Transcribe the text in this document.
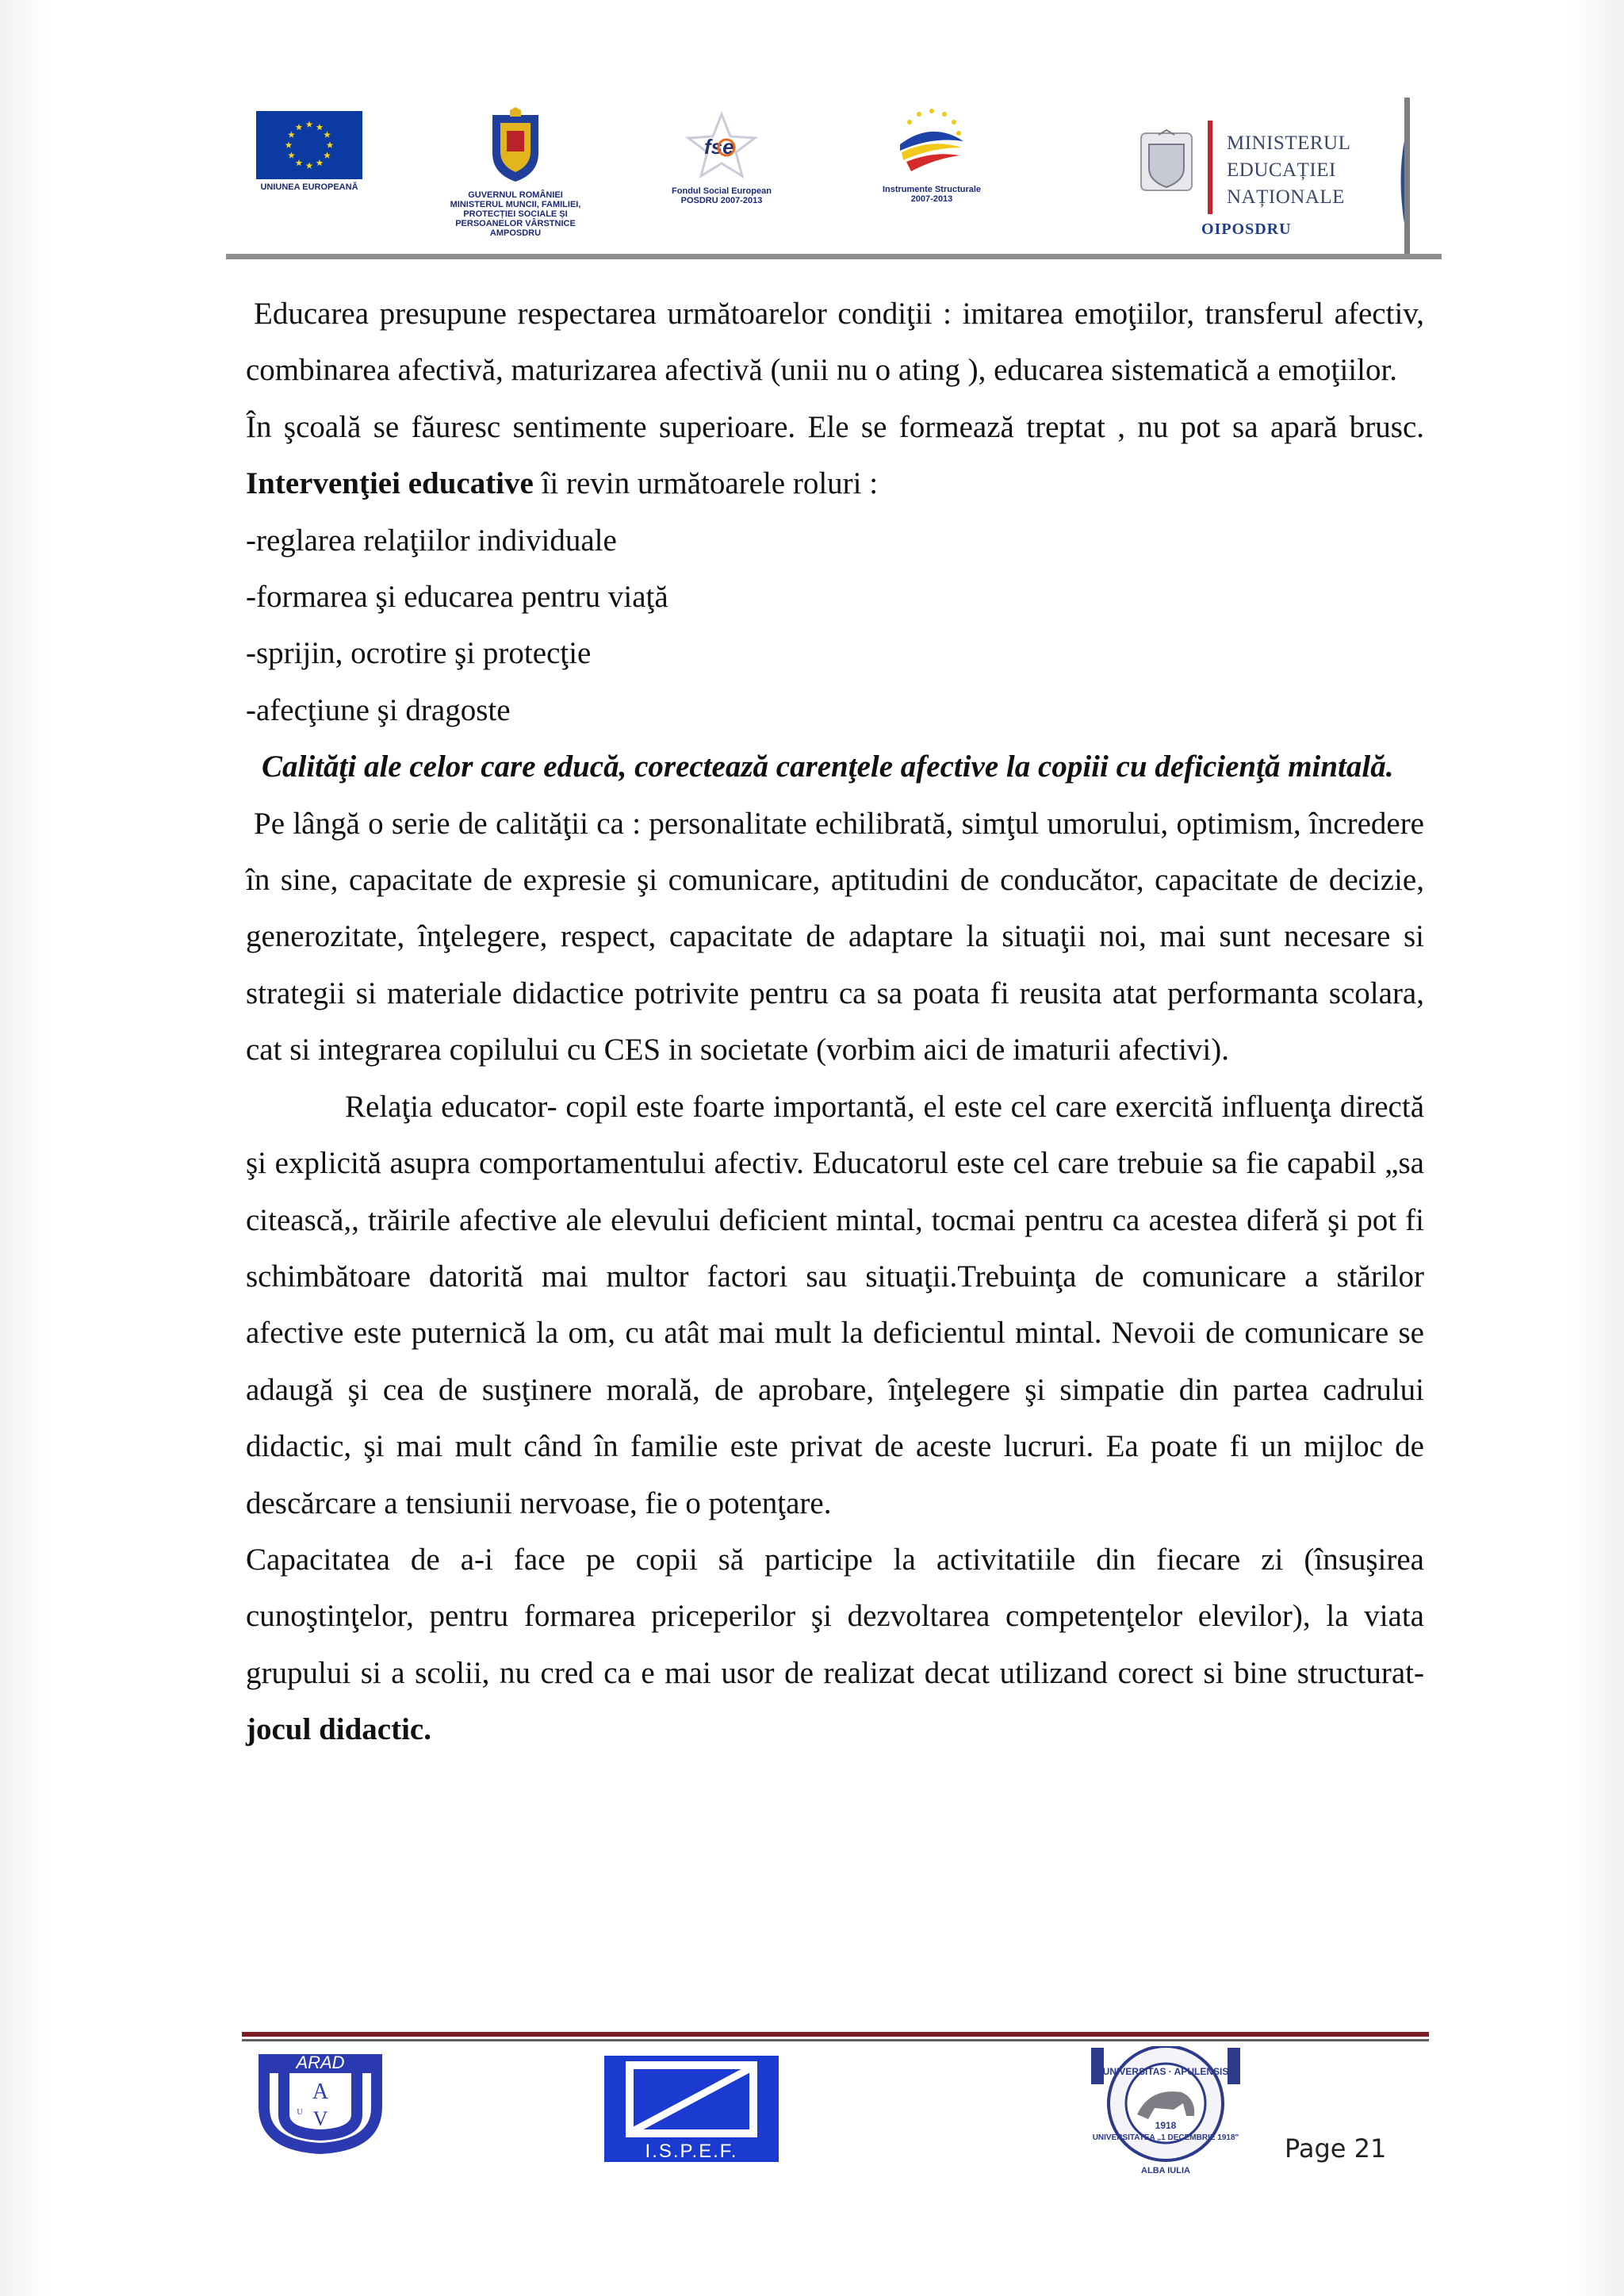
UNIUNEA EUROPEANĂ
GUVERNUL ROMÂNIEI
MINISTERUL MUNCII, FAMILIEI,
PROTECȚIEI SOCIALE ȘI
PERSOANELOR VÂRSTNICE
AMPOSDRU
fse
Fondul Social European
POSDRU 2007-2013
Instrumente Structurale
2007-2013
MINISTERUL
EDUCAȚIEI
NAȚIONALE
OIPOSDRU

Educarea presupune respectarea următoarelor condiţii : imitarea emoţiilor, transferul afectiv, combinarea afectivă, maturizarea afectivă (unii nu o ating ), educarea sistematică a emoţiilor.

În şcoală se făuresc sentimente superioare. Ele se formează treptat , nu pot sa apară brusc. Intervenţiei educative îi revin următoarele roluri :

-reglarea relaţiilor individuale

-formarea şi educarea pentru viaţă

-sprijin, ocrotire şi protecţie

-afecţiune şi dragoste

Calităţi ale celor care educă, corectează carenţele afective la copiii cu deficienţă mintală.

Pe lângă o serie de calităţii ca : personalitate echilibrată, simţul umorului, optimism, încredere în sine, capacitate de expresie şi comunicare, aptitudini de conducător, capacitate de decizie, generozitate, înţelegere, respect, capacitate de adaptare la situaţii noi, mai sunt necesare si strategii si materiale didactice potrivite pentru ca sa poata fi reusita atat performanta scolara, cat si integrarea copilului cu CES in societate (vorbim aici de imaturii afectivi).

Relaţia educator- copil este foarte importantă, el este cel care exercită influenţa directă şi explicită asupra comportamentului afectiv. Educatorul este cel care trebuie sa fie capabil „sa citească,, trăirile afective ale elevului deficient mintal, tocmai pentru ca acestea diferă şi pot fi schimbătoare datorită mai multor factori sau situaţii.Trebuinţa de comunicare a stărilor afective este puternică la om, cu atât mai mult la deficientul mintal. Nevoii de comunicare se adaugă şi cea de susţinere morală, de aprobare, înţelegere şi simpatie din partea cadrului didactic, şi mai mult când în familie este privat de aceste lucruri. Ea poate fi un mijloc de descărcare a tensiunii nervoase, fie o potenţare.

Capacitatea de a-i face pe copii să participe la activitatiile din fiecare zi (însuşirea cunoştinţelor, pentru formarea priceperilor şi dezvoltarea competenţelor elevilor), la viata grupului si a scolii, nu cred ca e mai usor de realizat decat utilizand corect si bine structurat- jocul didactic.

ARAD
A
V
U
I.S.P.E.F.
UNIVERSITAS · APULENSIS
UNIVERSITATEA „1 DECEMBRIE 1918"
1918
ALBA IULIA
Page 21
